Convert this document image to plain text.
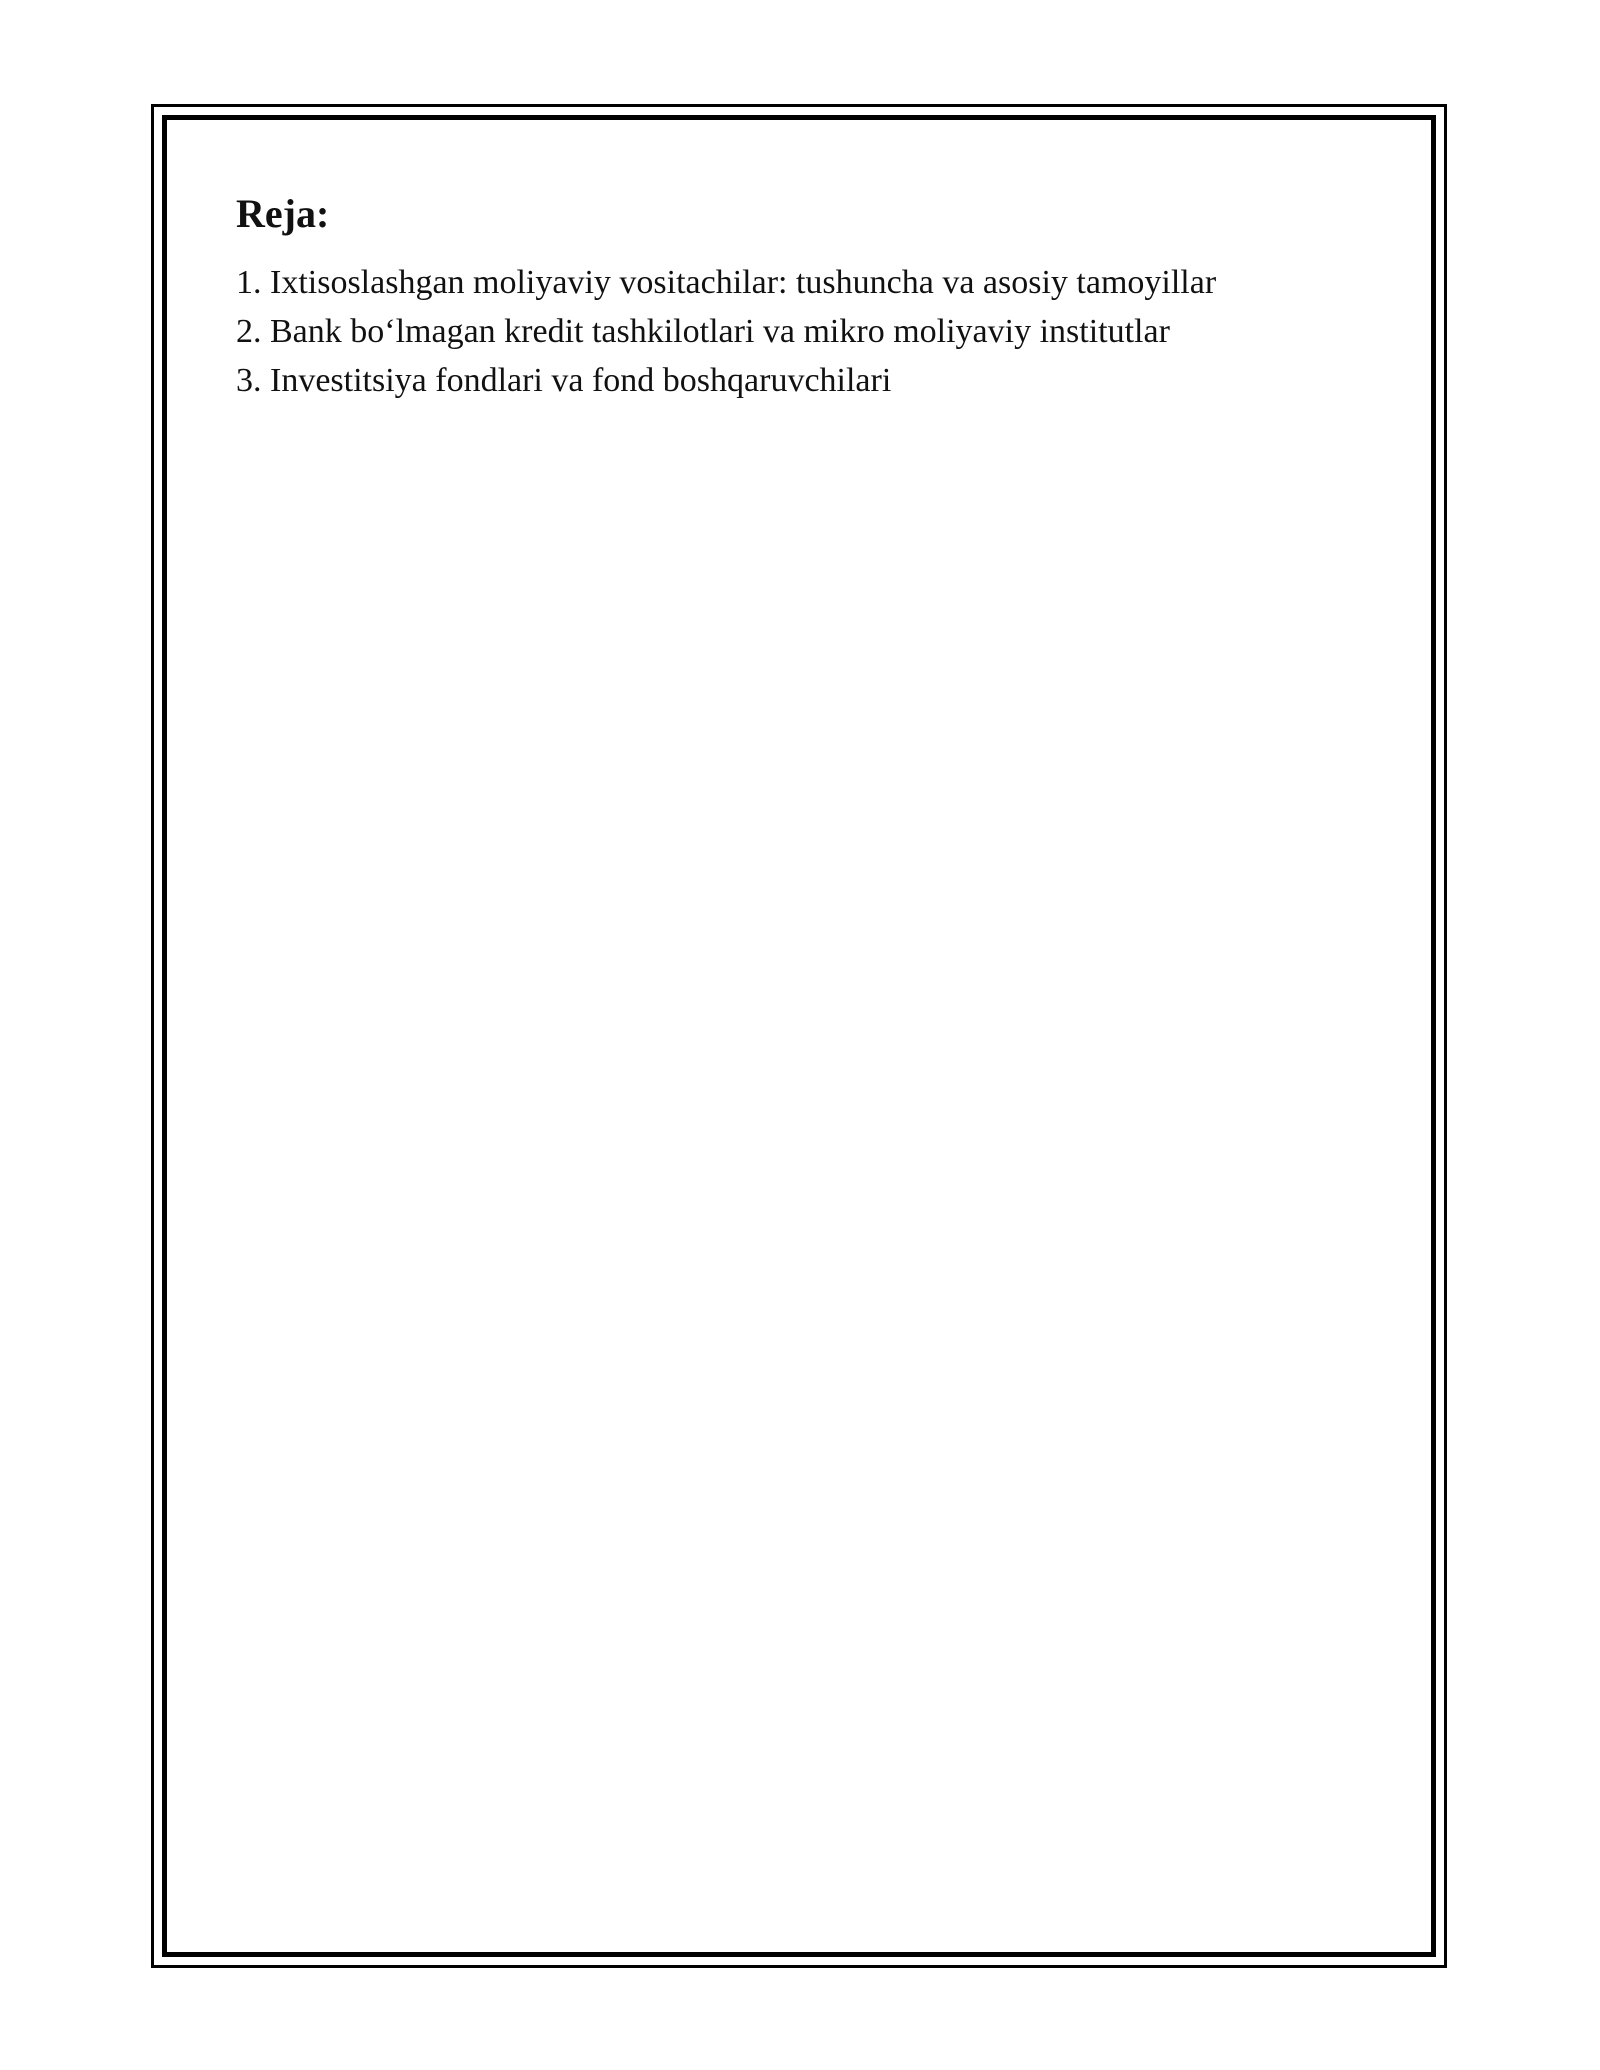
Reja:
1. Ixtisoslashgan moliyaviy vositachilar: tushuncha va asosiy tamoyillar
2. Bank bo‘lmagan kredit tashkilotlari va mikro moliyaviy institutlar
3. Investitsiya fondlari va fond boshqaruvchilari
